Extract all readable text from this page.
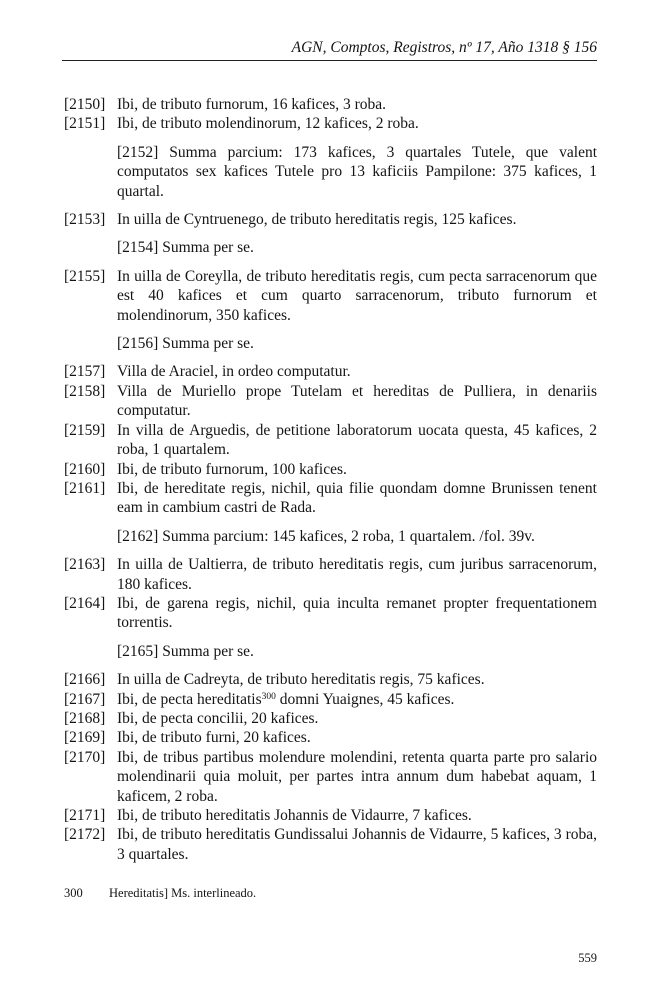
AGN, Comptos, Registros, nº 17, Año 1318 § 156
[2150] Ibi, de tributo furnorum, 16 kafices, 3 roba.
[2151] Ibi, de tributo molendinorum, 12 kafices, 2 roba.
[2152] Summa parcium: 173 kafices, 3 quartales Tutele, que valent computatos sex kafices Tutele pro 13 kaficiis Pampilone: 375 kafices, 1 quartal.
[2153] In uilla de Cyntruenego, de tributo hereditatis regis, 125 kafices.
[2154] Summa per se.
[2155] In uilla de Coreylla, de tributo hereditatis regis, cum pecta sarracenorum que est 40 kafices et cum quarto sarracenorum, tributo furnorum et molendinorum, 350 kafices.
[2156] Summa per se.
[2157] Villa de Araciel, in ordeo computatur.
[2158] Villa de Muriello prope Tutelam et hereditas de Pulliera, in denariis computatur.
[2159] In villa de Arguedis, de petitione laboratorum uocata questa, 45 kafices, 2 roba, 1 quartalem.
[2160] Ibi, de tributo furnorum, 100 kafices.
[2161] Ibi, de hereditate regis, nichil, quia filie quondam domne Brunissen tenent eam in cambium castri de Rada.
[2162] Summa parcium: 145 kafices, 2 roba, 1 quartalem. /fol. 39v.
[2163] In uilla de Ualtierra, de tributo hereditatis regis, cum juribus sarracenorum, 180 kafices.
[2164] Ibi, de garena regis, nichil, quia inculta remanet propter frequentationem torrentis.
[2165] Summa per se.
[2166] In uilla de Cadreyta, de tributo hereditatis regis, 75 kafices.
[2167] Ibi, de pecta hereditatis$^{300}$ domni Yuaignes, 45 kafices.
[2168] Ibi, de pecta concilii, 20 kafices.
[2169] Ibi, de tributo furni, 20 kafices.
[2170] Ibi, de tribus partibus molendure molendini, retenta quarta parte pro salario molendinarii quia moluit, per partes intra annum dum habebat aquam, 1 kaficem, 2 roba.
[2171] Ibi, de tributo hereditatis Johannis de Vidaurre, 7 kafices.
[2172] Ibi, de tributo hereditatis Gundissalui Johannis de Vidaurre, 5 kafices, 3 roba, 3 quartales.
300	Hereditatis] Ms. interlineado.
559
